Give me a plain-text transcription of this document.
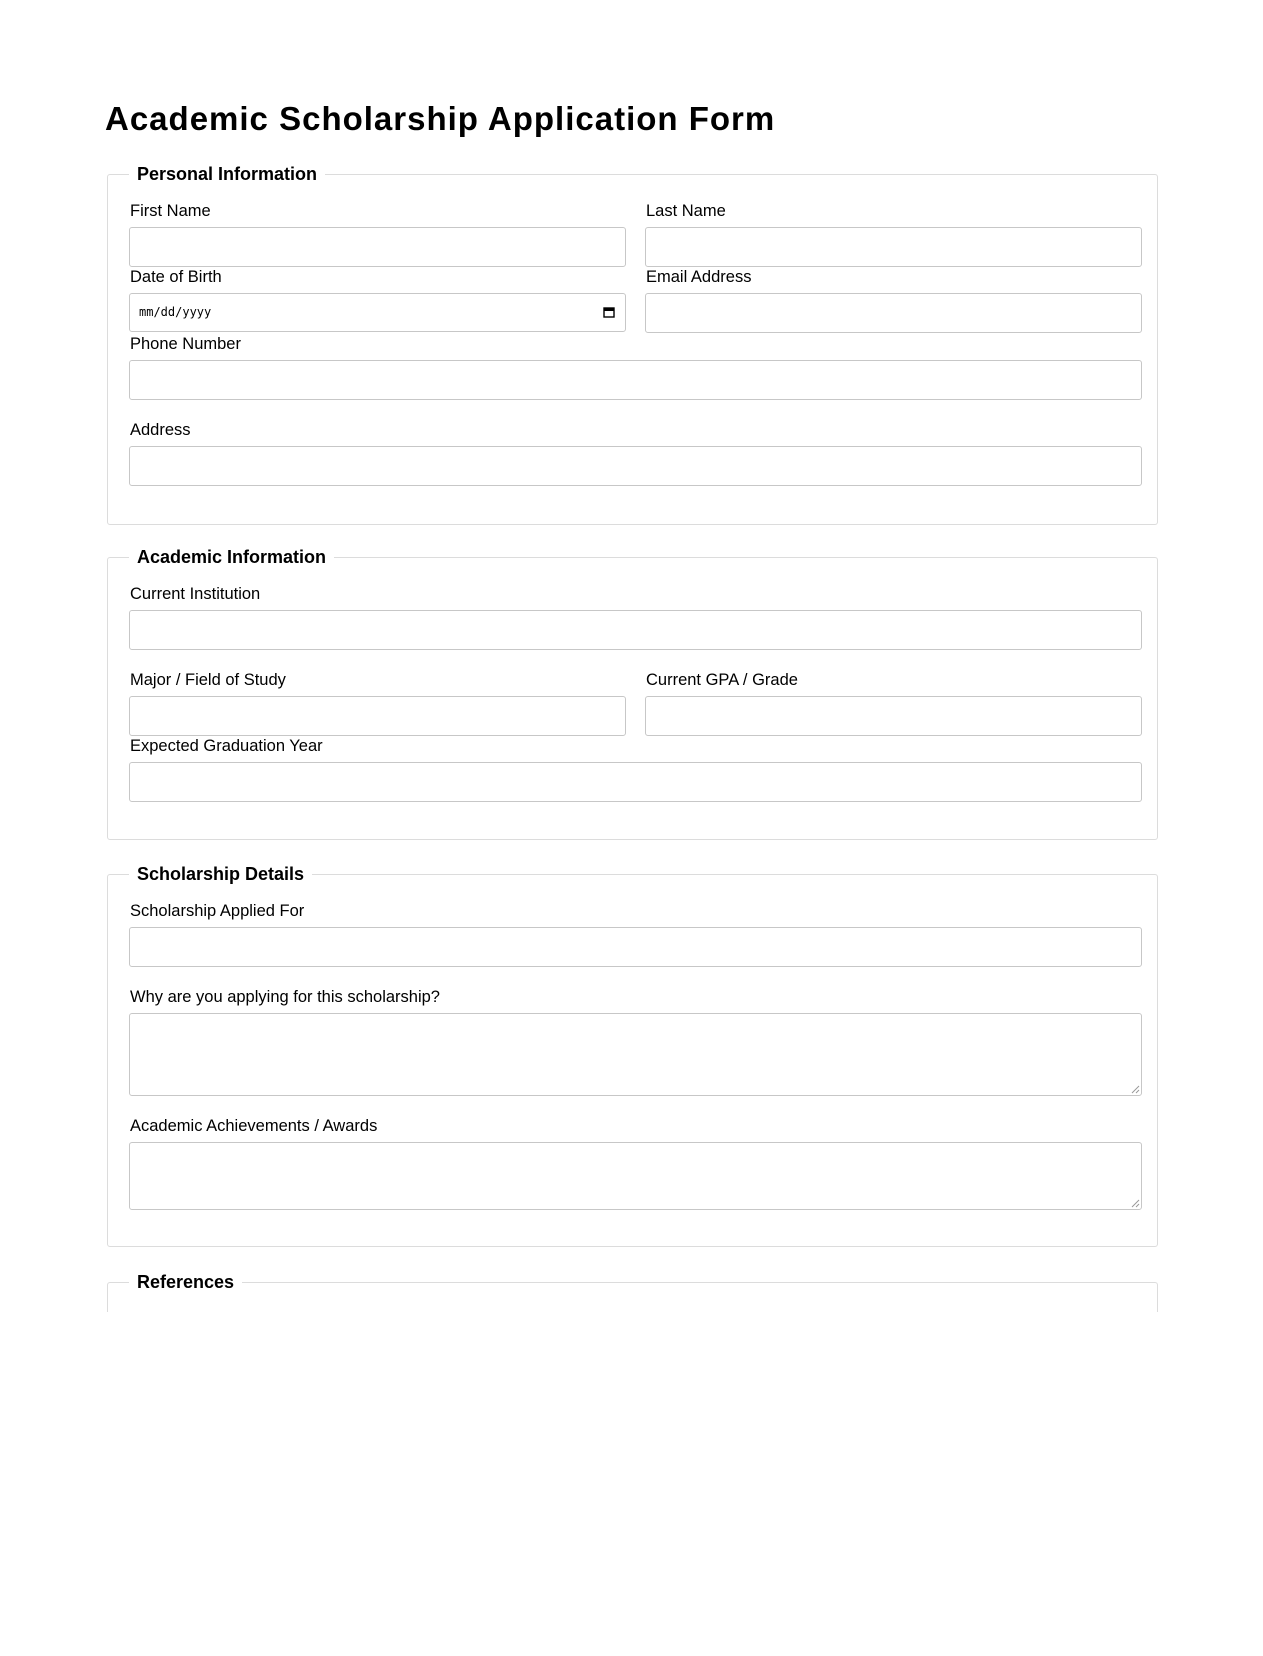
Academic Scholarship Application Form
Personal Information
First Name	Last Name
Date of Birth	Email Address
mm/dd/yyyy
Phone Number
Address
Academic Information
Current Institution
Major / Field of Study	Current GPA / Grade
Expected Graduation Year
Scholarship Details
Scholarship Applied For
Why are you applying for this scholarship?
Academic Achievements / Awards
References
